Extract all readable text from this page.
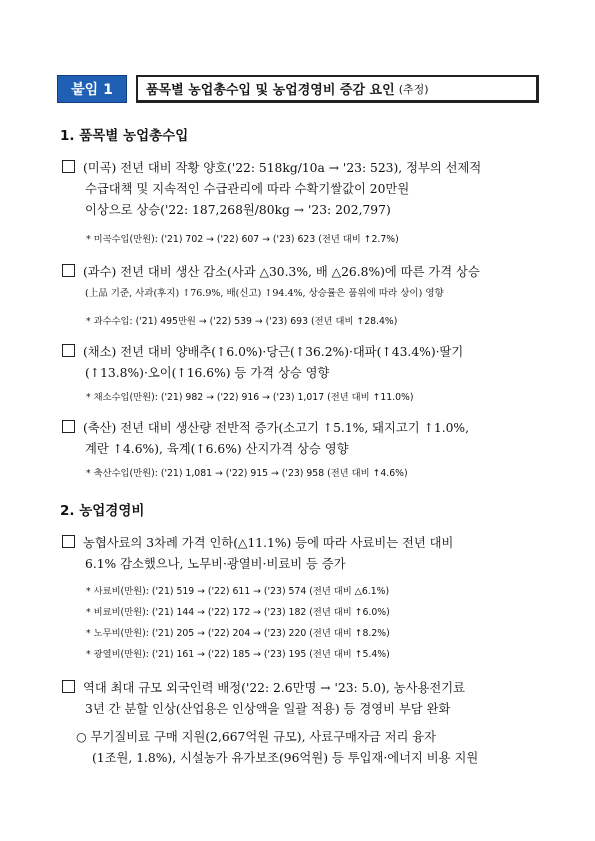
붙임 1	품목별 농업총수입 및 농업경영비 증감 요인 (추정)
1. 품목별 농업총수입
(미곡) 전년 대비 작황 양호('22: 518kg/10a → '23: 523), 정부의 선제적
수급대책 및 지속적인 수급관리에 따라 수확기쌀값이 20만원
이상으로 상승('22: 187,268원/80kg → '23: 202,797)
* 미곡수입(만원): ('21) 702 → ('22) 607 → ('23) 623 (전년 대비 ↑2.7%)
(과수) 전년 대비 생산 감소(사과 △30.3%, 배 △26.8%)에 따른 가격 상승
(上品 기준, 사과(후지) ↑76.9%, 배(신고) ↑94.4%, 상승률은 품위에 따라 상이) 영향
* 과수수입: ('21) 495만원 → ('22) 539 → ('23) 693 (전년 대비 ↑28.4%)
(채소) 전년 대비 양배추(↑6.0%)·당근(↑36.2%)·대파(↑43.4%)·딸기
(↑13.8%)·오이(↑16.6%) 등 가격 상승 영향
* 채소수입(만원): ('21) 982 → ('22) 916 → ('23) 1,017 (전년 대비 ↑11.0%)
(축산) 전년 대비 생산량 전반적 증가(소고기 ↑5.1%, 돼지고기 ↑1.0%,
계란 ↑4.6%), 육계(↑6.6%) 산지가격 상승 영향
* 축산수입(만원): ('21) 1,081 → ('22) 915 → ('23) 958 (전년 대비 ↑4.6%)
2. 농업경영비
농협사료의 3차례 가격 인하(△11.1%) 등에 따라 사료비는 전년 대비
6.1% 감소했으나, 노무비·광열비·비료비 등 증가
* 사료비(만원): ('21) 519 → ('22) 611 → ('23) 574 (전년 대비 △6.1%)
* 비료비(만원): ('21) 144 → ('22) 172 → ('23) 182 (전년 대비 ↑6.0%)
* 노무비(만원): ('21) 205 → ('22) 204 → ('23) 220 (전년 대비 ↑8.2%)
* 광열비(만원): ('21) 161 → ('22) 185 → ('23) 195 (전년 대비 ↑5.4%)
역대 최대 규모 외국인력 배정('22: 2.6만명 → '23: 5.0), 농사용전기료
3년 간 분할 인상(산업용은 인상액을 일괄 적용) 등 경영비 부담 완화
○ 무기질비료 구매 지원(2,667억원 규모), 사료구매자금 저리 융자
(1조원, 1.8%), 시설농가 유가보조(96억원) 등 투입재·에너지 비용 지원
